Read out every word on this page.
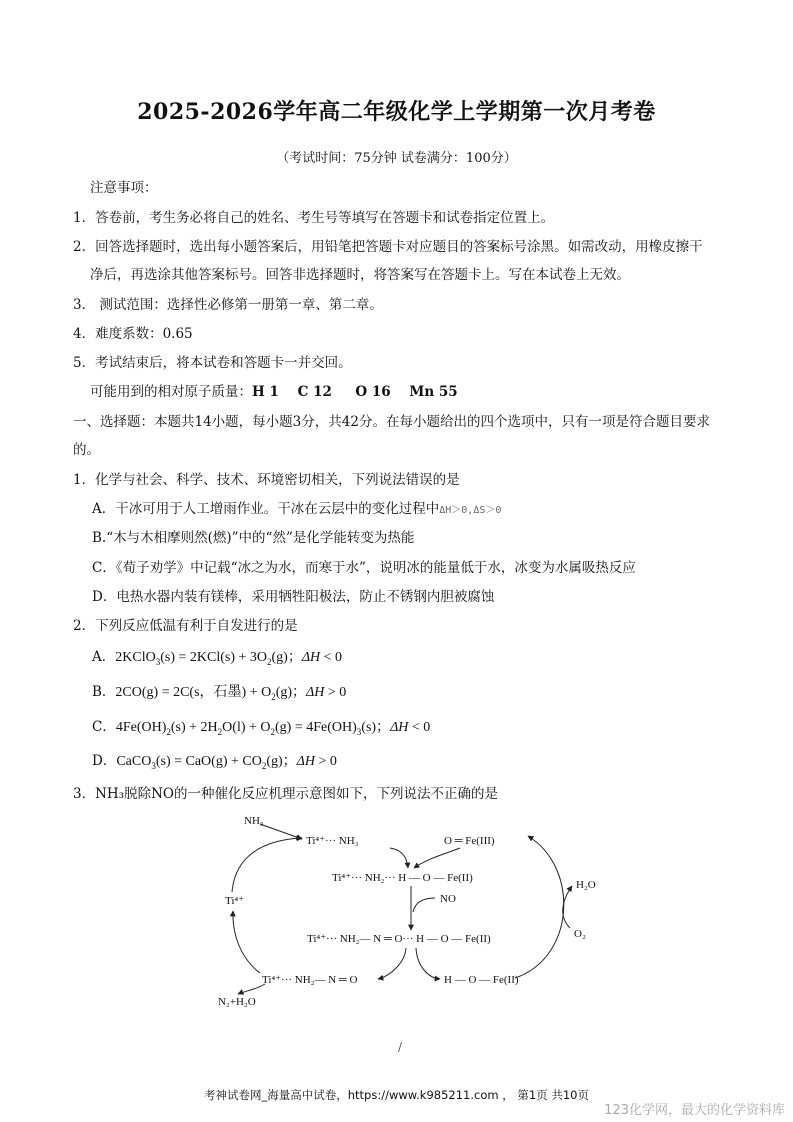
2025-2026学年高二年级化学上学期第一次月考卷
（考试时间：75分钟 试卷满分：100分）
注意事项：
1．答卷前，考生务必将自己的姓名、考生号等填写在答题卡和试卷指定位置上。
2．回答选择题时，选出每小题答案后，用铅笔把答题卡对应题目的答案标号涂黑。如需改动，用橡皮擦干
净后，再选涂其他答案标号。回答非选择题时，将答案写在答题卡上。写在本试卷上无效。
3． 测试范围：选择性必修第一册第一章、第二章。
4．难度系数：0.65
5．考试结束后，将本试卷和答题卡一并交回。
可能用到的相对原子质量：H 1    C 12     O 16    Mn 55
一、选择题：本题共14小题，每小题3分，共42分。在每小题给出的四个选项中，只有一项是符合题目要求
的。
1．化学与社会、科学、技术、环境密切相关，下列说法错误的是
A．干冰可用于人工增雨作业。干冰在云层中的变化过程中ΔH＞0,ΔS＞0
B.“木与木相摩则然(燃)”中的“然”是化学能转变为热能
C．《荀子劝学》中记载“冰之为水，而寒于水”，说明冰的能量低于水，冰变为水属吸热反应
D．电热水器内装有镁棒，采用牺牲阳极法，防止不锈钢内胆被腐蚀
2．下列反应低温有利于自发进行的是
A．2KClO$_3$(s) = $2KCl(s) + 3O_2(g)$；ΔH < 0
B．2CO(g) = 2C(s，石墨) + $O_2(g)$；ΔH > 0
C．$4Fe(OH)_2(s) + 2H_2O(l) + O_2(g) = 4Fe(OH)_3(s)$；ΔH < 0
D．CaCO$_3$(s) = $CaO(g) + CO_2(g)$；ΔH > 0
3．NH₃脱除NO的一种催化反应机理示意图如下，下列说法不正确的是
NH₃
Ti⁴⁺··· NH₃	O ═ Fe(III)
Ti⁴⁺··· NH₂··· H — O — Fe(II)
NO
Ti⁴⁺
H₂O
Ti⁴⁺··· NH₂— N ═ O··· H — O — Fe(II)	O₂
Ti⁴⁺··· NH₂— N ═ O	H — O — Fe(II)
N₂+H₂O
/
考神试卷网_海量高中试卷，https://www.k985211.com ， 第1页 共10页
123化学网，最大的化学资料库
